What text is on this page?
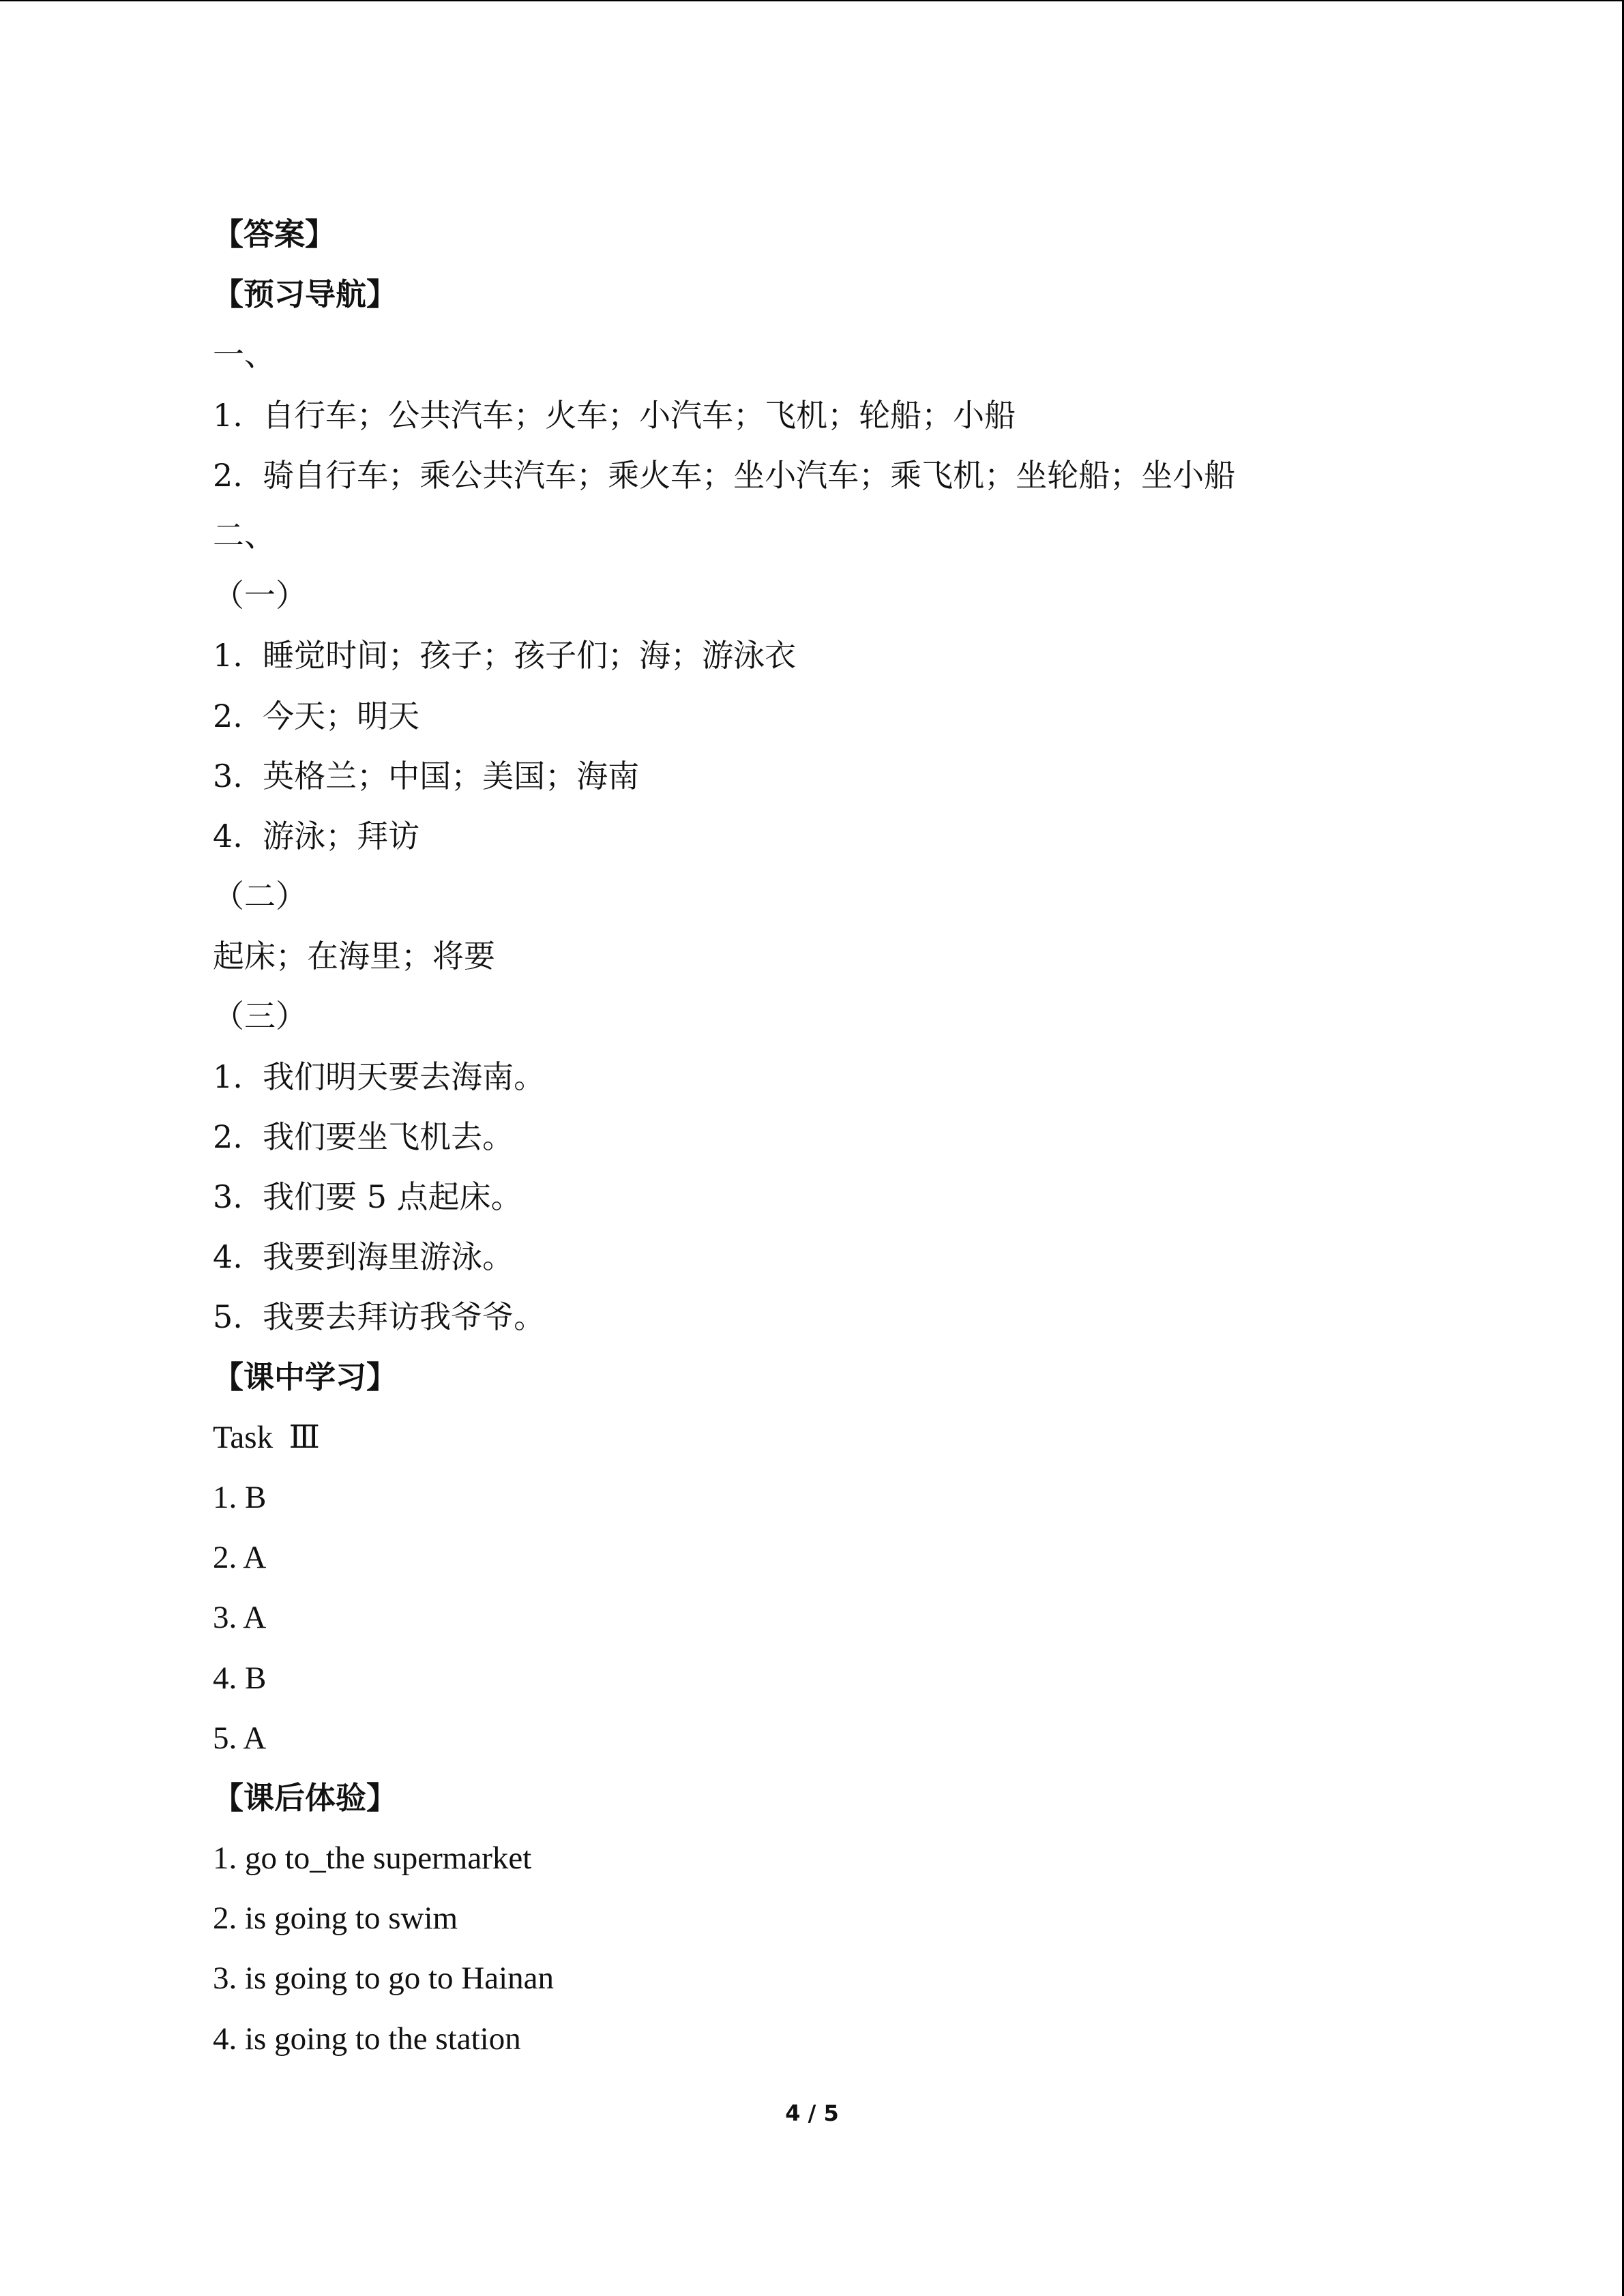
【答案】
【预习导航】
一、
1.  自行车；公共汽车；火车；小汽车；飞机；轮船；小船
2.  骑自行车；乘公共汽车；乘火车；坐小汽车；乘飞机；坐轮船；坐小船
二、
（一）
1.  睡觉时间；孩子；孩子们；海；游泳衣
2.  今天；明天
3.  英格兰；中国；美国；海南
4.  游泳；拜访
（二）
起床；在海里；将要
（三）
1.  我们明天要去海南。
2.  我们要坐飞机去。
3.  我们要 5 点起床。
4.  我要到海里游泳。
5.  我要去拜访我爷爷。
【课中学习】
Task  Ⅲ
1. B
2. A
3. A
4. B
5. A
【课后体验】
1. go to_the supermarket
2. is going to swim
3. is going to go to Hainan
4. is going to the station
4 / 5
